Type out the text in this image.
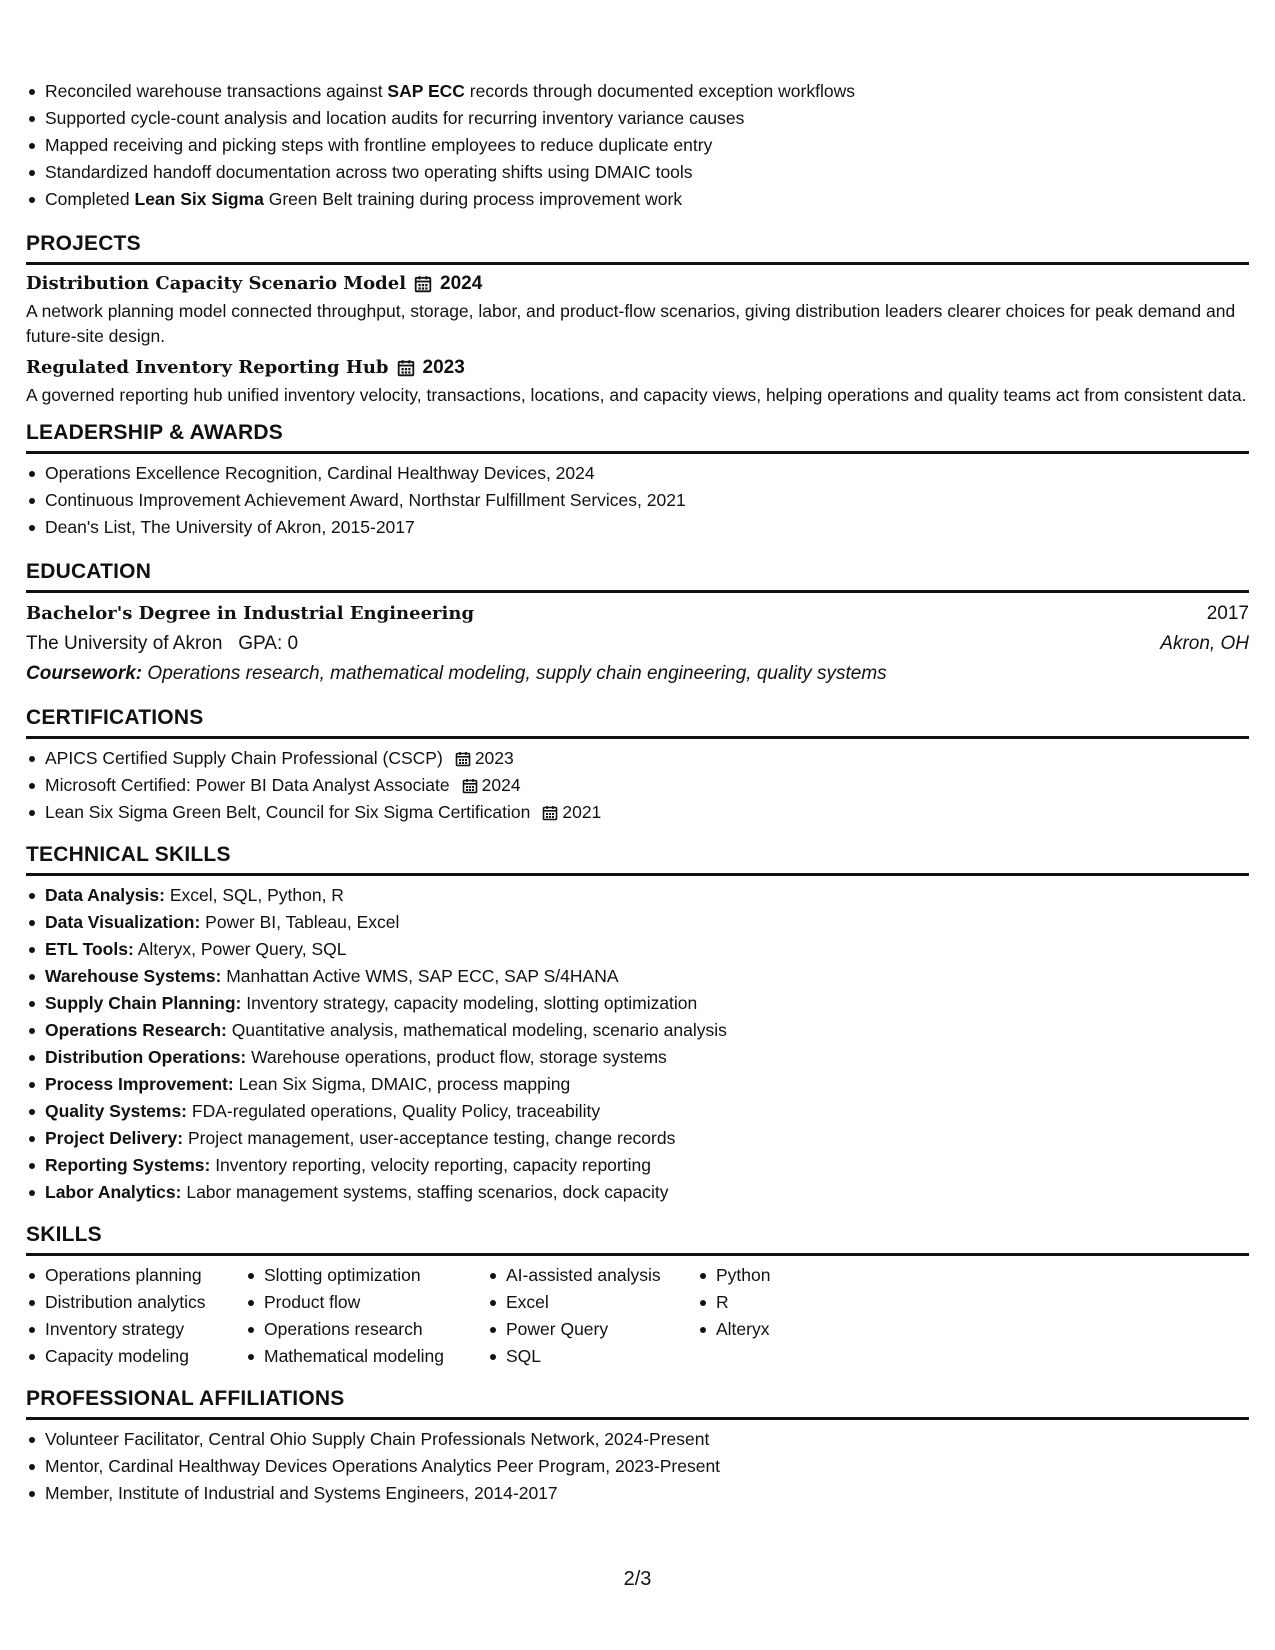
Reconciled warehouse transactions against SAP ECC records through documented exception workflows
Supported cycle-count analysis and location audits for recurring inventory variance causes
Mapped receiving and picking steps with frontline employees to reduce duplicate entry
Standardized handoff documentation across two operating shifts using DMAIC tools
Completed Lean Six Sigma Green Belt training during process improvement work
PROJECTS
Distribution Capacity Scenario Model 2024
A network planning model connected throughput, storage, labor, and product-flow scenarios, giving distribution leaders clearer choices for peak demand and future-site design.
Regulated Inventory Reporting Hub 2023
A governed reporting hub unified inventory velocity, transactions, locations, and capacity views, helping operations and quality teams act from consistent data.
LEADERSHIP & AWARDS
Operations Excellence Recognition, Cardinal Healthway Devices, 2024
Continuous Improvement Achievement Award, Northstar Fulfillment Services, 2021
Dean's List, The University of Akron, 2015-2017
EDUCATION
Bachelor's Degree in Industrial Engineering	2017
The University of Akron GPA: 0	Akron, OH
Coursework: Operations research, mathematical modeling, supply chain engineering, quality systems
CERTIFICATIONS
APICS Certified Supply Chain Professional (CSCP) 2023
Microsoft Certified: Power BI Data Analyst Associate 2024
Lean Six Sigma Green Belt, Council for Six Sigma Certification 2021
TECHNICAL SKILLS
Data Analysis: Excel, SQL, Python, R
Data Visualization: Power BI, Tableau, Excel
ETL Tools: Alteryx, Power Query, SQL
Warehouse Systems: Manhattan Active WMS, SAP ECC, SAP S/4HANA
Supply Chain Planning: Inventory strategy, capacity modeling, slotting optimization
Operations Research: Quantitative analysis, mathematical modeling, scenario analysis
Distribution Operations: Warehouse operations, product flow, storage systems
Process Improvement: Lean Six Sigma, DMAIC, process mapping
Quality Systems: FDA-regulated operations, Quality Policy, traceability
Project Delivery: Project management, user-acceptance testing, change records
Reporting Systems: Inventory reporting, velocity reporting, capacity reporting
Labor Analytics: Labor management systems, staffing scenarios, dock capacity
SKILLS
Operations planning
Distribution analytics
Inventory strategy
Capacity modeling
Slotting optimization
Product flow
Operations research
Mathematical modeling
AI-assisted analysis
Excel
Power Query
SQL
Python
R
Alteryx
PROFESSIONAL AFFILIATIONS
Volunteer Facilitator, Central Ohio Supply Chain Professionals Network, 2024-Present
Mentor, Cardinal Healthway Devices Operations Analytics Peer Program, 2023-Present
Member, Institute of Industrial and Systems Engineers, 2014-2017
2/3
